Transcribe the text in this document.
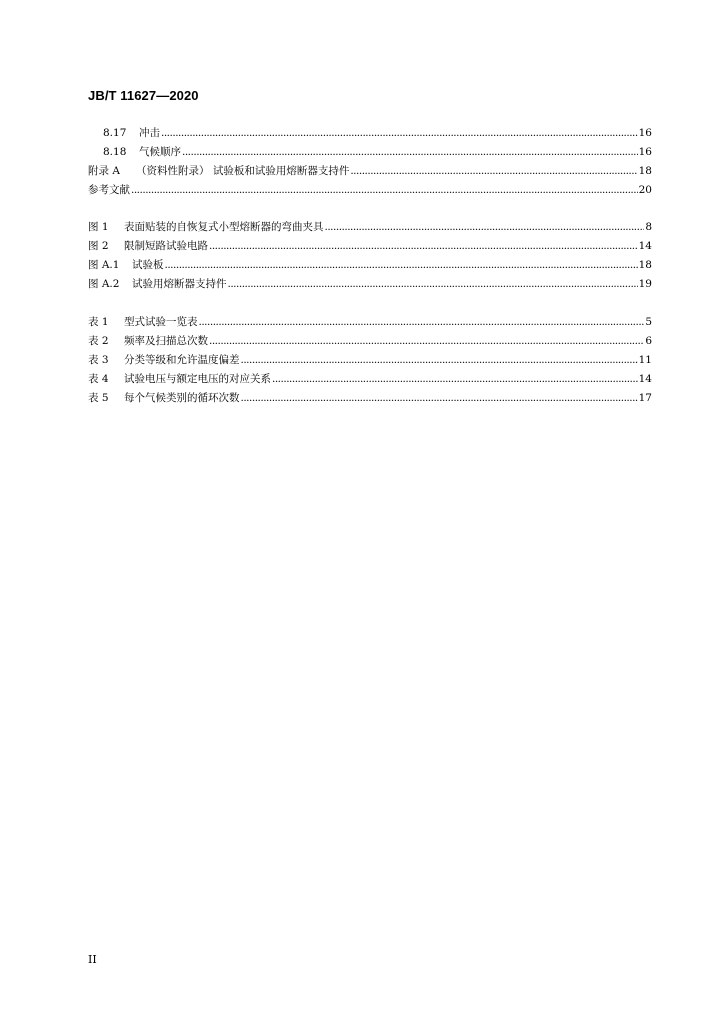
JB/T 11627—2020
8.17	冲击 .....	16
8.18	气候顺序 .....	16
附录 A	（资料性附录） 试验板和试验用熔断器支持件 .....	18
参考文献 .....	20
图 1	表面贴装的自恢复式小型熔断器的弯曲夹具 .....	8
图 2	限制短路试验电路 .....	14
图 A.1	试验板 .....	18
图 A.2	试验用熔断器支持件 .....	19
表 1	型式试验一览表 .....	5
表 2	频率及扫描总次数 .....	6
表 3	分类等级和允许温度偏差 .....	11
表 4	试验电压与额定电压的对应关系 .....	14
表 5	每个气候类别的循环次数 .....	17
II
